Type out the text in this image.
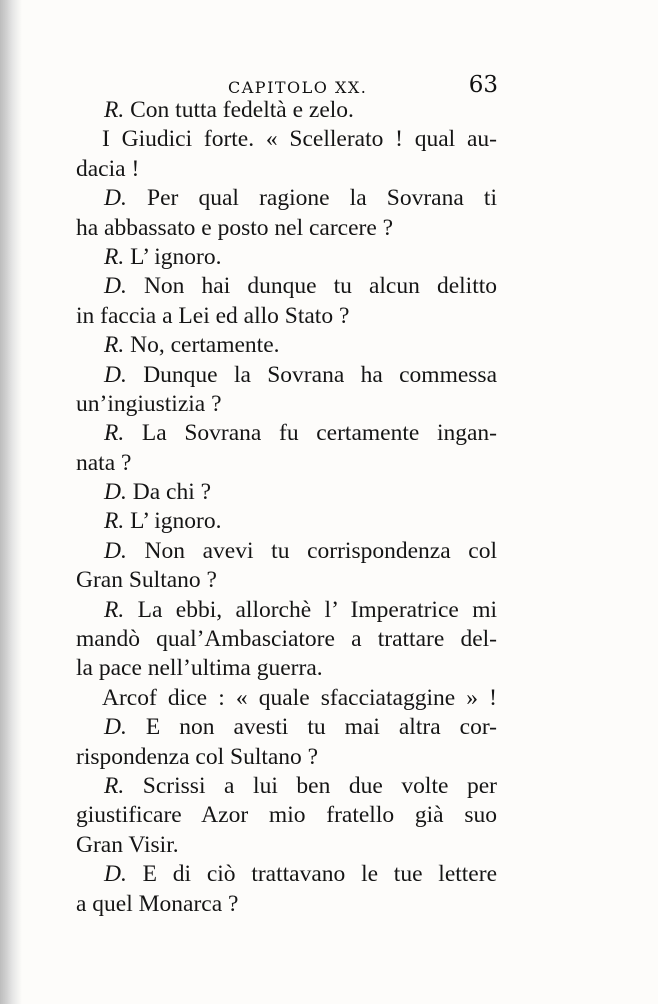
CAPITOLO XX.	63
R. Con tutta fedeltà e zelo.
I Giudici forte. « Scellerato ! qual au-
dacia !
D. Per qual ragione la Sovrana ti
ha abbassato e posto nel carcere ?
R. L’ ignoro.
D. Non hai dunque tu alcun delitto
in faccia a Lei ed allo Stato ?
R. No, certamente.
D. Dunque la Sovrana ha commessa
un’ingiustizia ?
R. La Sovrana fu certamente ingan-
nata ?
D. Da chi ?
R. L’ ignoro.
D. Non avevi tu corrispondenza col
Gran Sultano ?
R. La ebbi, allorchè l’ Imperatrice mi
mandò qual’Ambasciatore a trattare del-
la pace nell’ultima guerra.
Arcof dice : « quale sfacciataggine » !
D. E non avesti tu mai altra cor-
rispondenza col Sultano ?
R. Scrissi a lui ben due volte per
giustificare Azor mio fratello già suo
Gran Visir.
D. E di ciò trattavano le tue lettere
a quel Monarca ?
